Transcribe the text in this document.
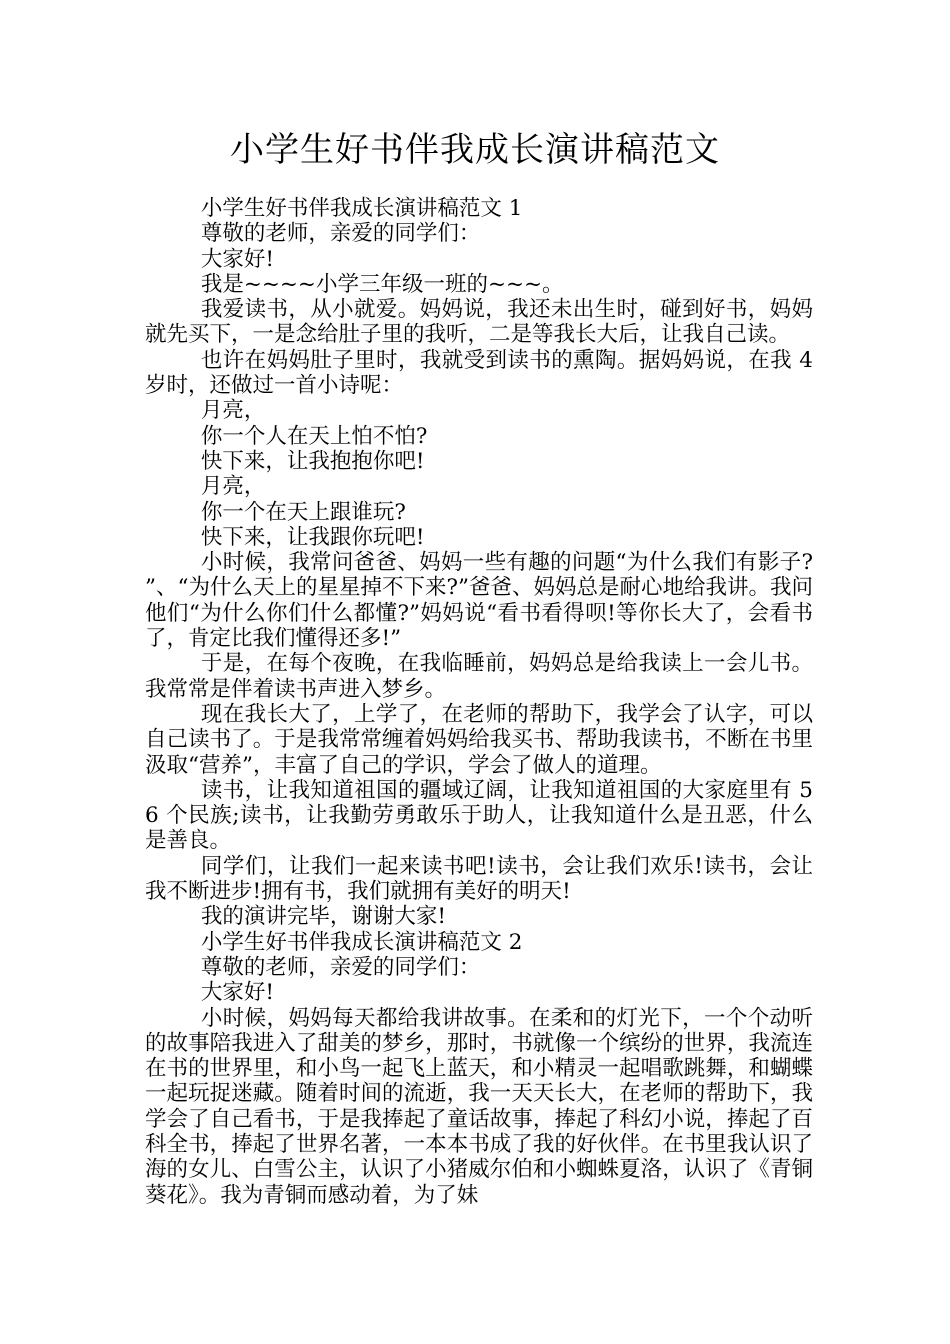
小学生好书伴我成长演讲稿范文

小学生好书伴我成长演讲稿范文 1

尊敬的老师，亲爱的同学们：

大家好!

我是~~~~小学三年级一班的~~~。

我爱读书，从小就爱。妈妈说，我还未出生时，碰到好书，妈妈就先买下，一是念给肚子里的我听，二是等我长大后，让我自己读。

也许在妈妈肚子里时，我就受到读书的熏陶。据妈妈说，在我 4 岁时，还做过一首小诗呢：

月亮，

你一个人在天上怕不怕?

快下来，让我抱抱你吧!

月亮，

你一个在天上跟谁玩?

快下来，让我跟你玩吧!

小时候，我常问爸爸、妈妈一些有趣的问题“为什么我们有影子?”、“为什么天上的星星掉不下来?”爸爸、妈妈总是耐心地给我讲。我问他们“为什么你们什么都懂?”妈妈说“看书看得呗!等你长大了，会看书了，肯定比我们懂得还多!”

于是，在每个夜晚，在我临睡前，妈妈总是给我读上一会儿书。我常常是伴着读书声进入梦乡。

现在我长大了，上学了，在老师的帮助下，我学会了认字，可以自己读书了。于是我常常缠着妈妈给我买书、帮助我读书，不断在书里汲取“营养”，丰富了自己的学识，学会了做人的道理。

读书，让我知道祖国的疆域辽阔，让我知道祖国的大家庭里有 56 个民族;读书，让我勤劳勇敢乐于助人，让我知道什么是丑恶，什么是善良。

同学们，让我们一起来读书吧!读书，会让我们欢乐!读书，会让我不断进步!拥有书，我们就拥有美好的明天!

我的演讲完毕，谢谢大家!

小学生好书伴我成长演讲稿范文 2

尊敬的老师，亲爱的同学们：

大家好!

小时候，妈妈每天都给我讲故事。在柔和的灯光下，一个个动听的故事陪我进入了甜美的梦乡，那时，书就像一个缤纷的世界，我流连在书的世界里，和小鸟一起飞上蓝天，和小精灵一起唱歌跳舞，和蝴蝶一起玩捉迷藏。随着时间的流逝，我一天天长大，在老师的帮助下，我学会了自己看书，于是我捧起了童话故事，捧起了科幻小说，捧起了百科全书，捧起了世界名著，一本本书成了我的好伙伴。在书里我认识了海的女儿、白雪公主，认识了小猪威尔伯和小蜘蛛夏洛，认识了《青铜葵花》。我为青铜而感动着，为了妹
